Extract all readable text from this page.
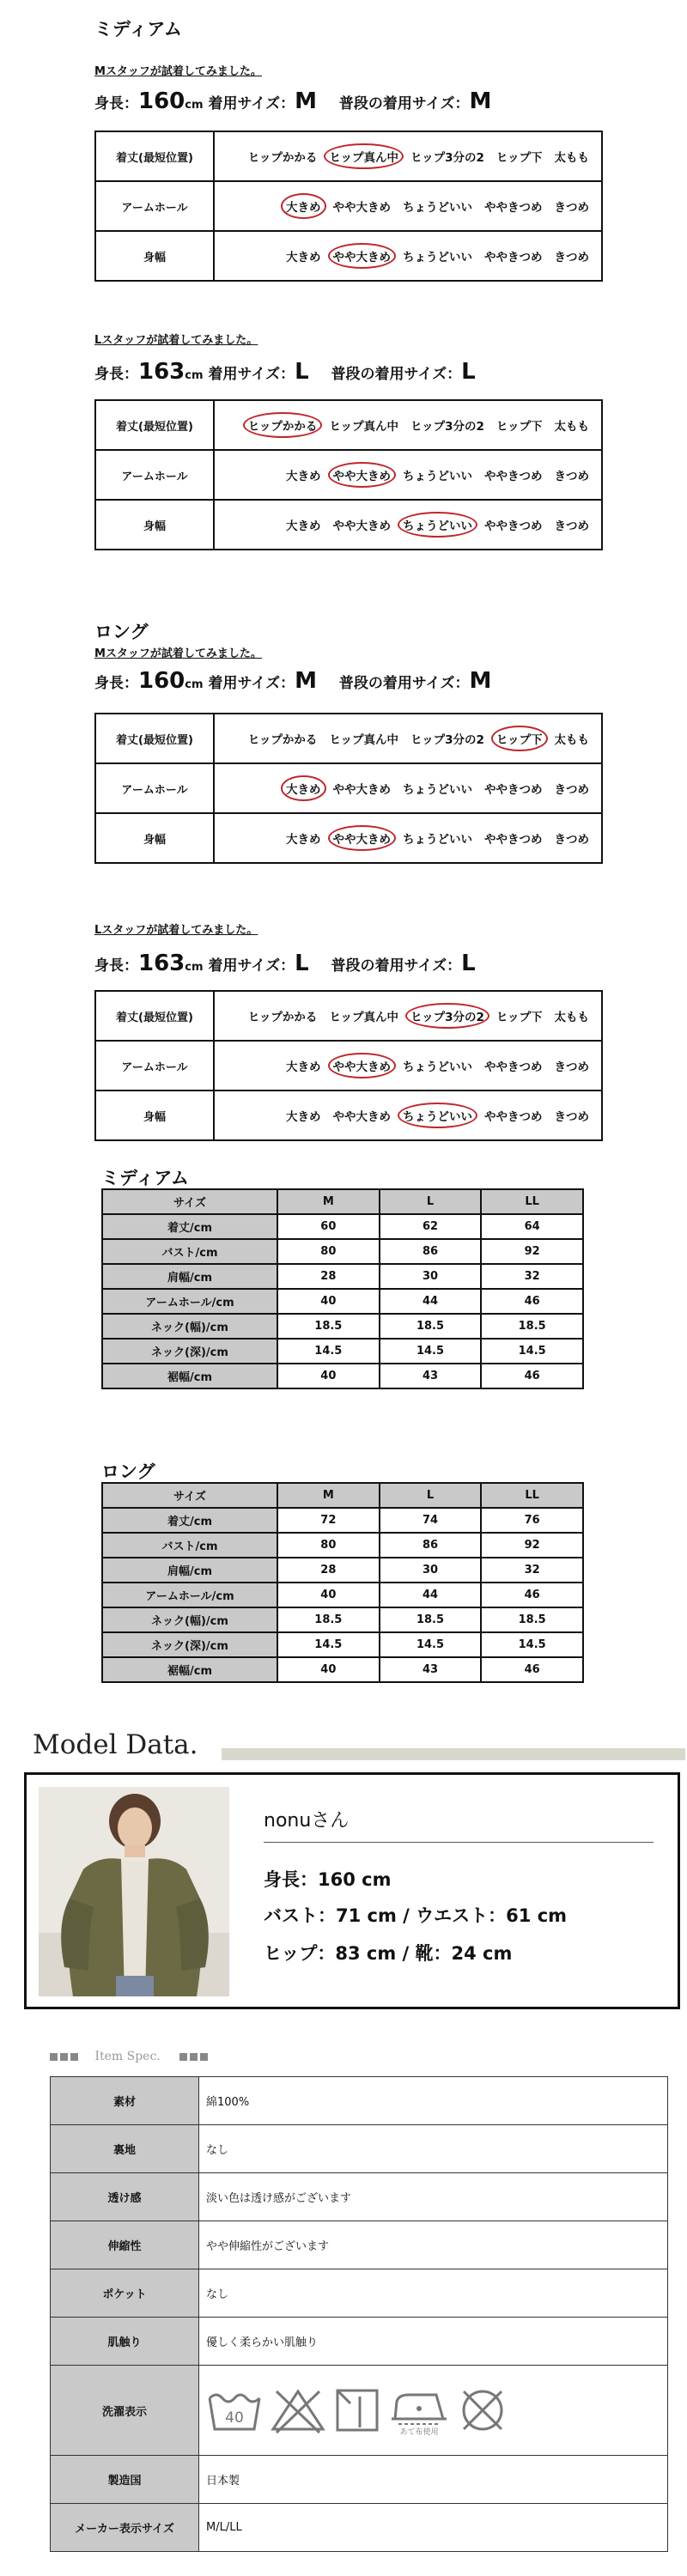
ミディアム
Mスタッフが試着してみました。
身長：160cm 着用サイズ：M 普段の着用サイズ：M
着丈(最短位置)	ヒップかかる ヒップ真ん中 ヒップ3分の2 ヒップ下 太もも

アームホール	大きめ やや大きめ ちょうどいい ややきつめ きつめ

身幅	大きめ やや大きめ ちょうどいい ややきつめ きつめ
Lスタッフが試着してみました。
身長：163cm 着用サイズ：L 普段の着用サイズ：L
着丈(最短位置)	ヒップかかる ヒップ真ん中 ヒップ3分の2 ヒップ下 太もも

アームホール	大きめ やや大きめ ちょうどいい ややきつめ きつめ

身幅	大きめ やや大きめ ちょうどいい ややきつめ きつめ
ロング
Mスタッフが試着してみました。
身長：160cm 着用サイズ：M 普段の着用サイズ：M
着丈(最短位置)	ヒップかかる ヒップ真ん中 ヒップ3分の2 ヒップ下 太もも

アームホール	大きめ やや大きめ ちょうどいい ややきつめ きつめ

身幅	大きめ やや大きめ ちょうどいい ややきつめ きつめ
Lスタッフが試着してみました。
身長：163cm 着用サイズ：L 普段の着用サイズ：L
着丈(最短位置)	ヒップかかる ヒップ真ん中 ヒップ3分の2 ヒップ下 太もも

アームホール	大きめ やや大きめ ちょうどいい ややきつめ きつめ

身幅	大きめ やや大きめ ちょうどいい ややきつめ きつめ
ミディアム
サイズ	M	L	LL
着丈/cm	60	62	64
バスト/cm	80	86	92
肩幅/cm	28	30	32
アームホール/cm	40	44	46
ネック(幅)/cm	18.5	18.5	18.5
ネック(深)/cm	14.5	14.5	14.5
裾幅/cm	40	43	46
ロング
サイズ	M	L	LL
着丈/cm	72	74	76
バスト/cm	80	86	92
肩幅/cm	28	30	32
アームホール/cm	40	44	46
ネック(幅)/cm	18.5	18.5	18.5
ネック(深)/cm	14.5	14.5	14.5
裾幅/cm	40	43	46
Model Data.
nonuさん
身長：160 cm
バスト：71 cm / ウエスト：61 cm
ヒップ：83 cm / 靴：24 cm
Item Spec.
素材	綿100%
裏地	なし
透け感	淡い色は透け感がございます
伸縮性	やや伸縮性がございます
ポケット	なし
肌触り	優しく柔らかい肌触り
洗濯表示	40
あて布使用

製造国	日本製
メーカー表示サイズ	M/L/LL
